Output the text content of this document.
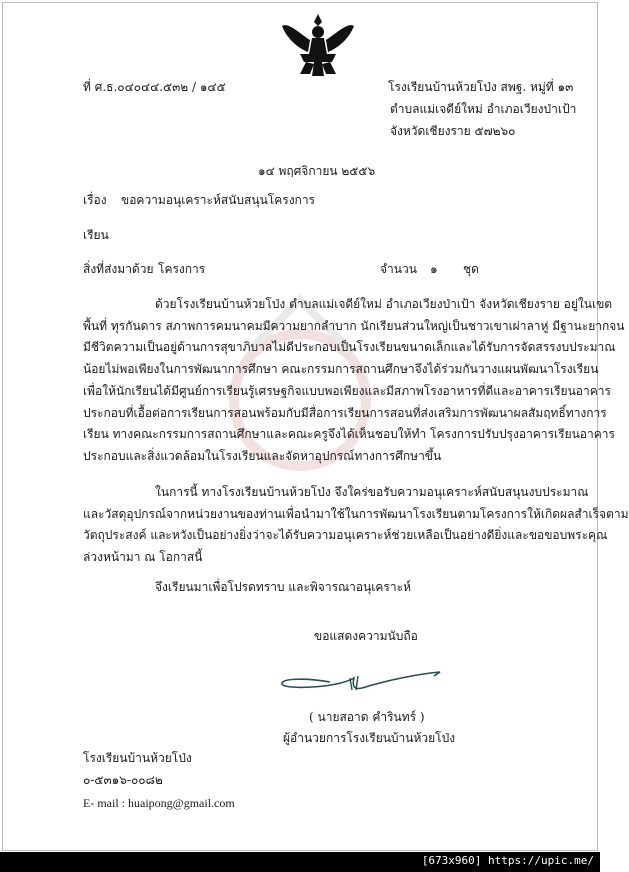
ที่ ศ.ธ.๐๔๐๔๔.๕๓๒ / ๑๔๕	โรงเรียนบ้านห้วยโป่ง สพฐ. หมู่ที่ ๑๓
ตำบลแม่เจดีย์ใหม่ อำเภอเวียงป่าเป้า
จังหวัดเชียงราย ๕๗๒๖๐
๑๔ พฤศจิกายน ๒๕๕๖
เรื่อง ขอความอนุเคราะห์สนับสนุนโครงการ
เรียน
สิ่งที่ส่งมาด้วย โครงการ	จำนวน ๑ ชุด
ด้วยโรงเรียนบ้านห้วยโป่ง ตำบลแม่เจดีย์ใหม่ อำเภอเวียงป่าเป้า จังหวัดเชียงราย อยู่ในเขต
พื้นที่ ทุรกันดาร สภาพการคมนาคมมีความยากลำบาก นักเรียนส่วนใหญ่เป็นชาวเขาเผ่าลาหู่ มีฐานะยากจน
มีชีวิตความเป็นอยู่ด้านการสุขาภิบาลไม่ดีประกอบเป็นโรงเรียนขนาดเล็กและได้รับการจัดสรรงบประมาณ
น้อยไม่พอเพียงในการพัฒนาการศึกษา คณะกรรมการสถานศึกษาจึงได้ร่วมกันวางแผนพัฒนาโรงเรียน
เพื่อให้นักเรียนได้มีศูนย์การเรียนรู้เศรษฐกิจแบบพอเพียงและมีสภาพโรงอาหารที่ดีและอาคารเรียนอาคาร
ประกอบที่เอื้อต่อการเรียนการสอนพร้อมกับมีสื่อการเรียนการสอนที่ส่งเสริมการพัฒนาผลสัมฤทธิ์ทางการ
เรียน ทางคณะกรรมการสถานศึกษาและคณะครูจึงได้เห็นชอบให้ทำ โครงการปรับปรุงอาคารเรียนอาคาร
ประกอบและสิ่งแวดล้อมในโรงเรียนและจัดหาอุปกรณ์ทางการศึกษาขึ้น
ในการนี้ ทางโรงเรียนบ้านห้วยโป่ง จึงใคร่ขอรับความอนุเคราะห์สนับสนุนงบประมาณ
และวัสดุอุปกรณ์จากหน่วยงานของท่านเพื่อนำมาใช้ในการพัฒนาโรงเรียนตามโครงการให้เกิดผลสำเร็จตาม
วัตถุประสงค์ และหวังเป็นอย่างยิ่งว่าจะได้รับความอนุเคราะห์ช่วยเหลือเป็นอย่างดียิ่งและขอขอบพระคุณ
ล่วงหน้ามา ณ โอกาสนี้
จึงเรียนมาเพื่อโปรดทราบ และพิจารณาอนุเคราะห์
ขอแสดงความนับถือ
( นายสอาด คำรินทร์ )
ผู้อำนวยการโรงเรียนบ้านห้วยโป่ง
โรงเรียนบ้านห้วยโป่ง
๐-๕๓๑๖-๐๐๘๒
E- mail : huaipong@gmail.com
[673x960] https://upic.me/
